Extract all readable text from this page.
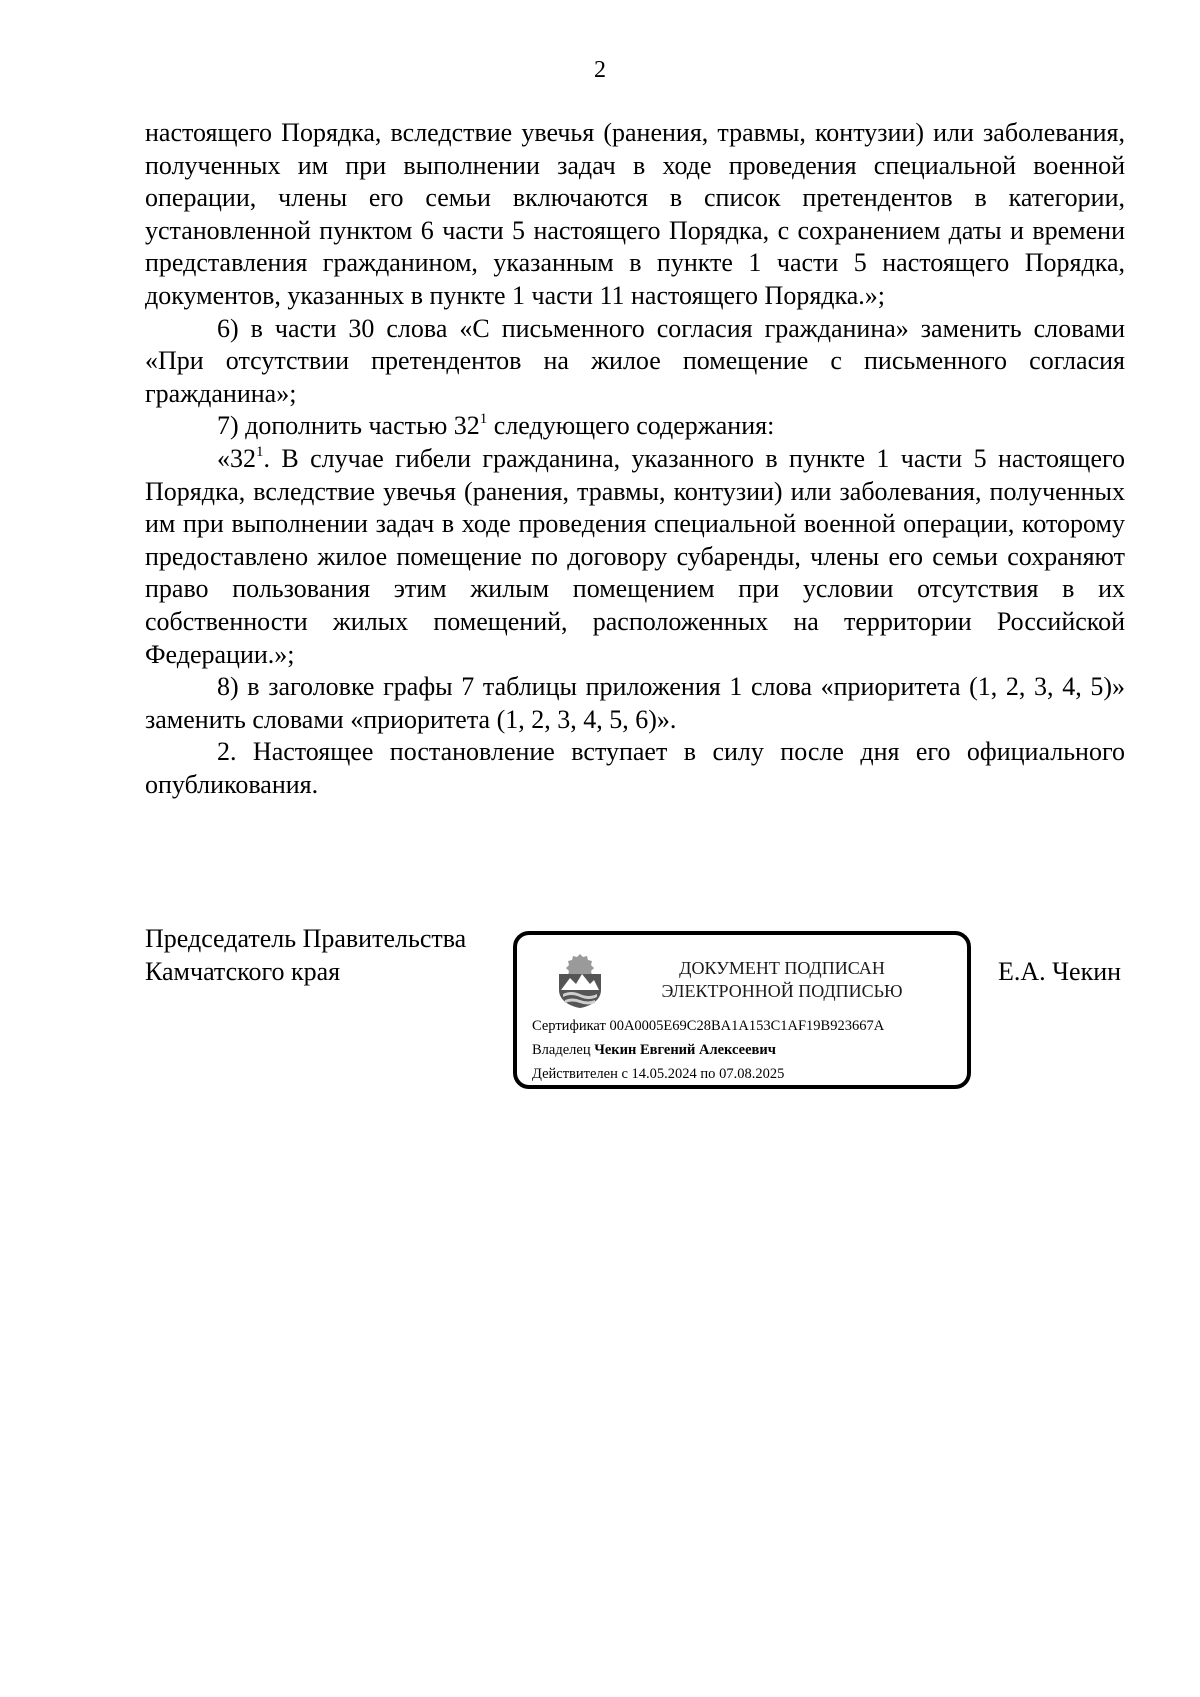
2

настоящего Порядка, вследствие увечья (ранения, травмы, контузии) или заболевания, полученных им при выполнении задач в ходе проведения специальной военной операции, члены его семьи включаются в список претендентов в категории, установленной пунктом 6 части 5 настоящего Порядка, с сохранением даты и времени представления гражданином, указанным в пункте 1 части 5 настоящего Порядка, документов, указанных в пункте 1 части 11 настоящего Порядка.»;

6) в части 30 слова «С письменного согласия гражданина» заменить словами «При отсутствии претендентов на жилое помещение с письменного согласия гражданина»;

7) дополнить частью $32^1$ следующего содержания:

«$32^1$. В случае гибели гражданина, указанного в пункте 1 части 5 настоящего Порядка, вследствие увечья (ранения, травмы, контузии) или заболевания, полученных им при выполнении задач в ходе проведения специальной военной операции, которому предоставлено жилое помещение по договору субаренды, члены его семьи сохраняют право пользования этим жилым помещением при условии отсутствия в их собственности жилых помещений, расположенных на территории Российской Федерации.»;

8) в заголовке графы 7 таблицы приложения 1 слова «приоритета (1, 2, 3, 4, 5)» заменить словами «приоритета (1, 2, 3, 4, 5, 6)».

2. Настоящее постановление вступает в силу после дня его официального опубликования.

Председатель Правительства
Камчатского края	ДОКУМЕНТ ПОДПИСАН
ЭЛЕКТРОННОЙ ПОДПИСЬЮ
Сертификат 00A0005E69C28BA1A153C1AF19B923667A
Владелец Чекин Евгений Алексеевич
Действителен с 14.05.2024 по 07.08.2025
Е.А. Чекин
